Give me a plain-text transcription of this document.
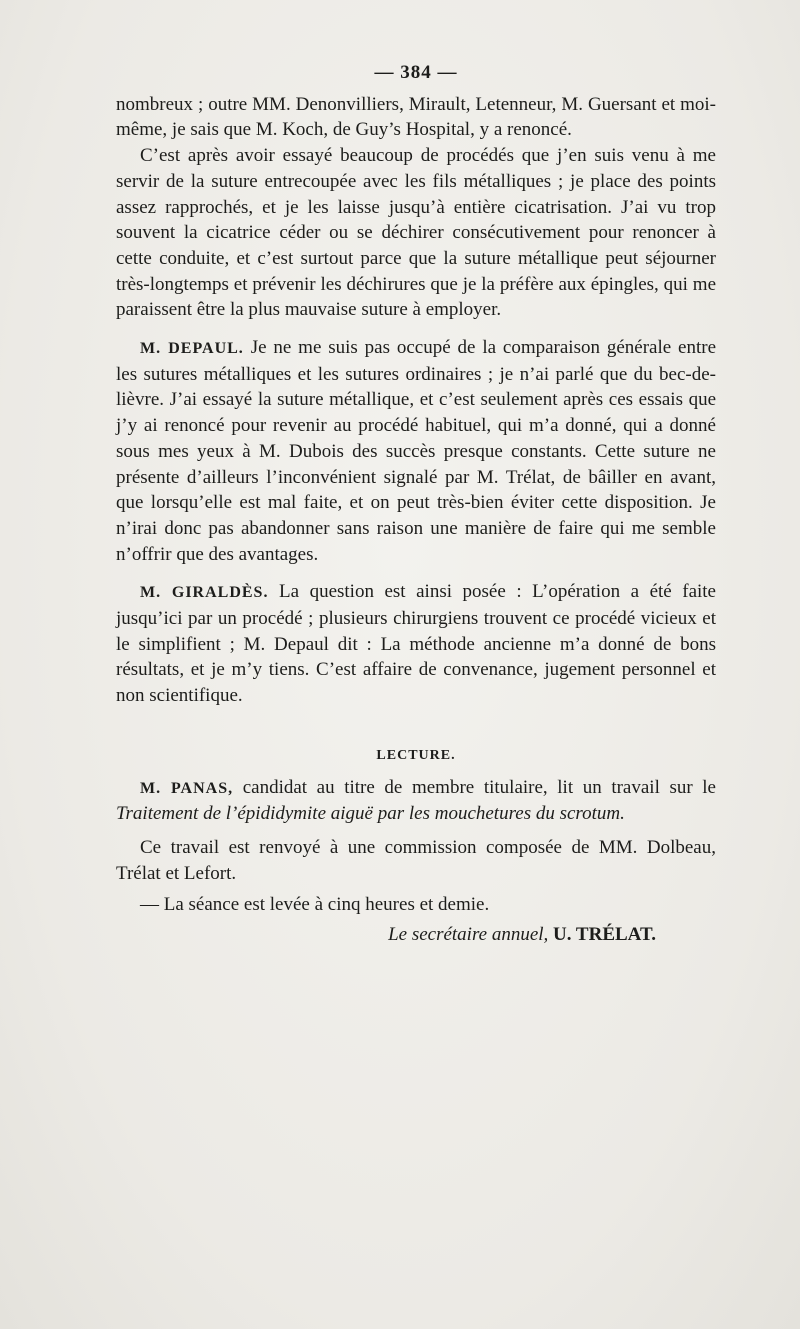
— 384 —

nombreux ; outre MM. Denonvilliers, Mirault, Letenneur, M. Guersant et moi-même, je sais que M. Koch, de Guy’s Hospital, y a renoncé.

C’est après avoir essayé beaucoup de procédés que j’en suis venu à me servir de la suture entrecoupée avec les fils métalliques ; je place des points assez rapprochés, et je les laisse jusqu’à entière cicatrisation. J’ai vu trop souvent la cicatrice céder ou se déchirer consécutivement pour renoncer à cette conduite, et c’est surtout parce que la suture métallique peut séjourner très-longtemps et prévenir les déchirures que je la préfère aux épingles, qui me paraissent être la plus mauvaise suture à employer.

M. DEPAUL. Je ne me suis pas occupé de la comparaison générale entre les sutures métalliques et les sutures ordinaires ; je n’ai parlé que du bec-de-lièvre. J’ai essayé la suture métallique, et c’est seulement après ces essais que j’y ai renoncé pour revenir au procédé habituel, qui m’a donné, qui a donné sous mes yeux à M. Dubois des succès presque constants. Cette suture ne présente d’ailleurs l’inconvénient signalé par M. Trélat, de bâiller en avant, que lorsqu’elle est mal faite, et on peut très-bien éviter cette disposition. Je n’irai donc pas abandonner sans raison une manière de faire qui me semble n’offrir que des avantages.

M. GIRALDÈS. La question est ainsi posée : L’opération a été faite jusqu’ici par un procédé ; plusieurs chirurgiens trouvent ce procédé vicieux et le simplifient ; M. Depaul dit : La méthode ancienne m’a donné de bons résultats, et je m’y tiens. C’est affaire de convenance, jugement personnel et non scientifique.

LECTURE.

M. PANAS, candidat au titre de membre titulaire, lit un travail sur le Traitement de l’épididymite aiguë par les mouchetures du scrotum.

Ce travail est renvoyé à une commission composée de MM. Dolbeau, Trélat et Lefort.

— La séance est levée à cinq heures et demie.

Le secrétaire annuel, U. TRÉLAT.
